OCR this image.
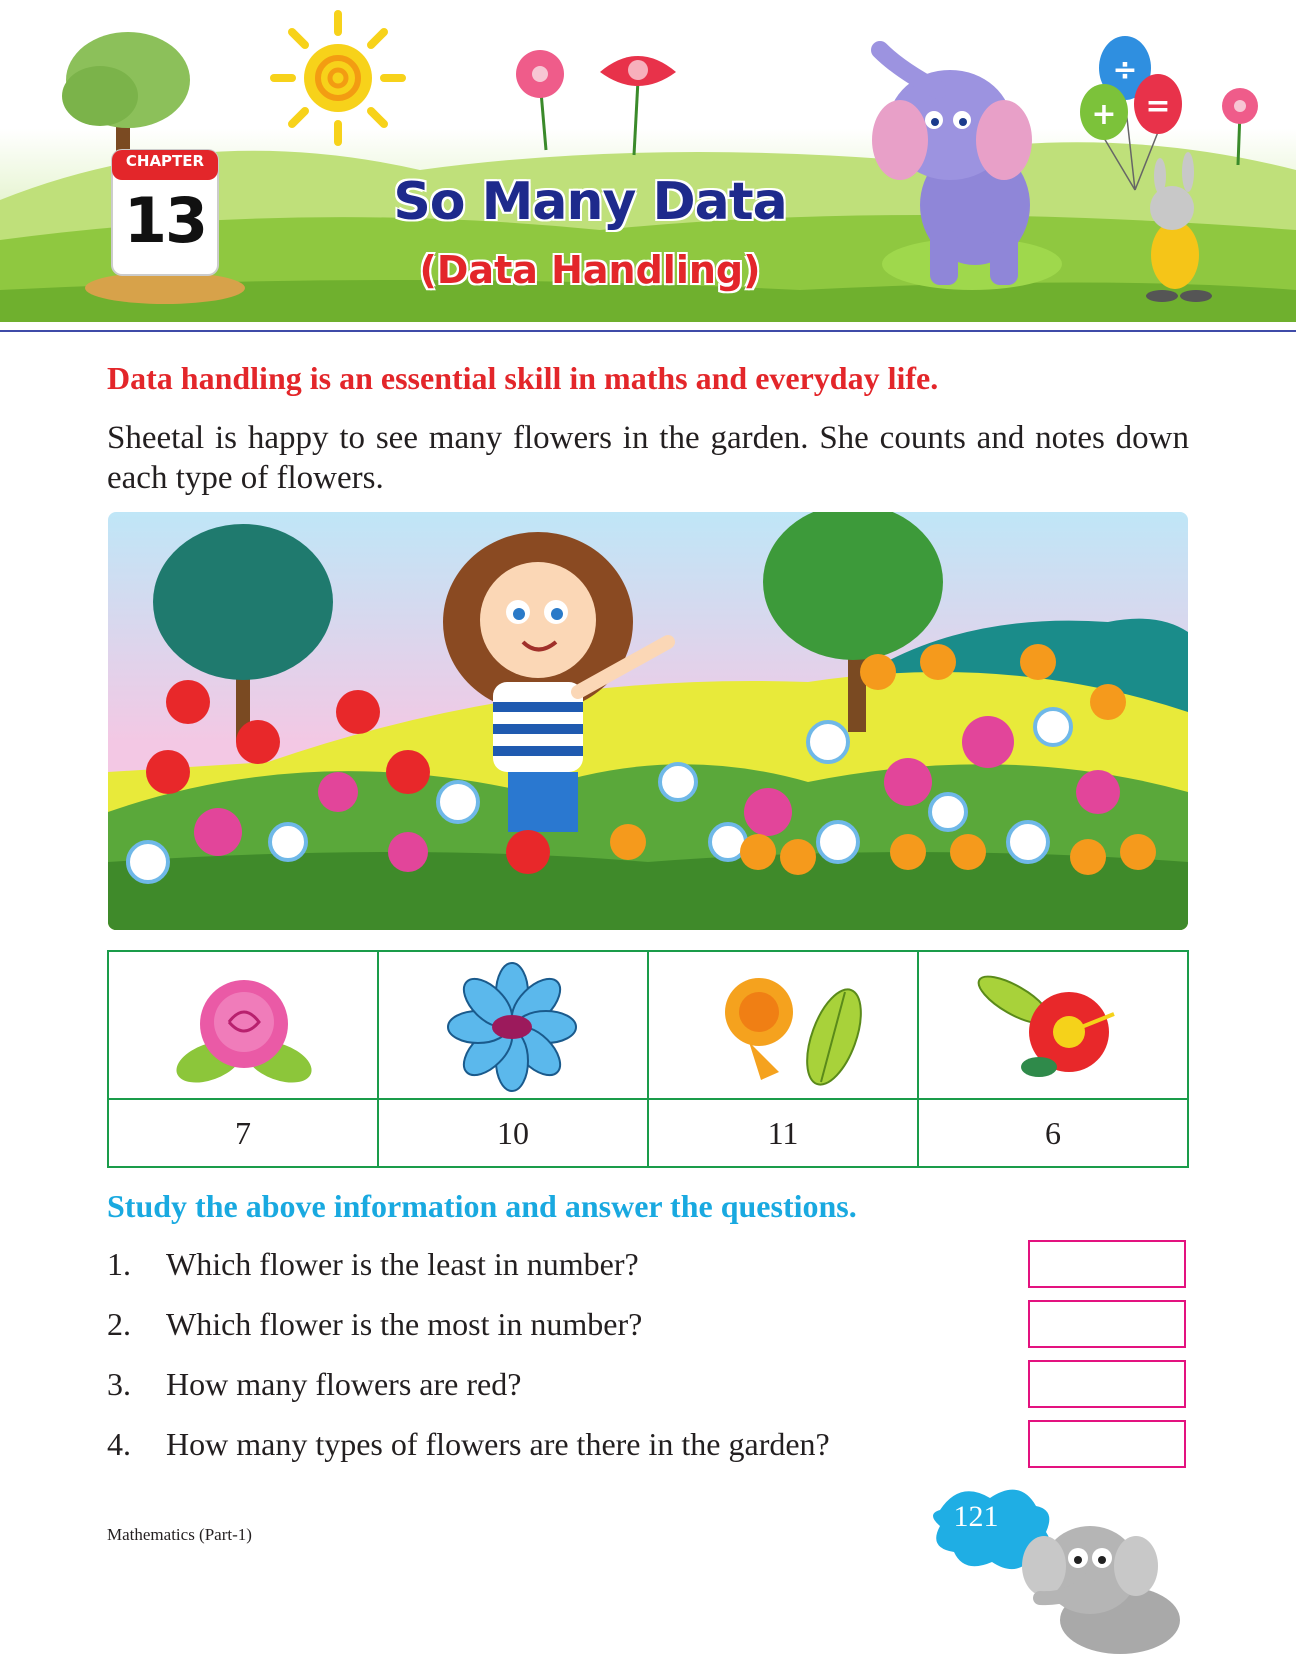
÷
+ =
CHAPTER
13	So Many Data
(Data Handling)
Data handling is an essential skill in maths and everyday life.
Sheetal is happy to see many flowers in the garden. She counts and notes down each type of flowers.
7	10	11	6
Study the above information and answer the questions.
1. Which flower is the least in number?
2. Which flower is the most in number?
3. How many flowers are red?
4. How many types of flowers are there in the garden?
Mathematics (Part-1)
121
